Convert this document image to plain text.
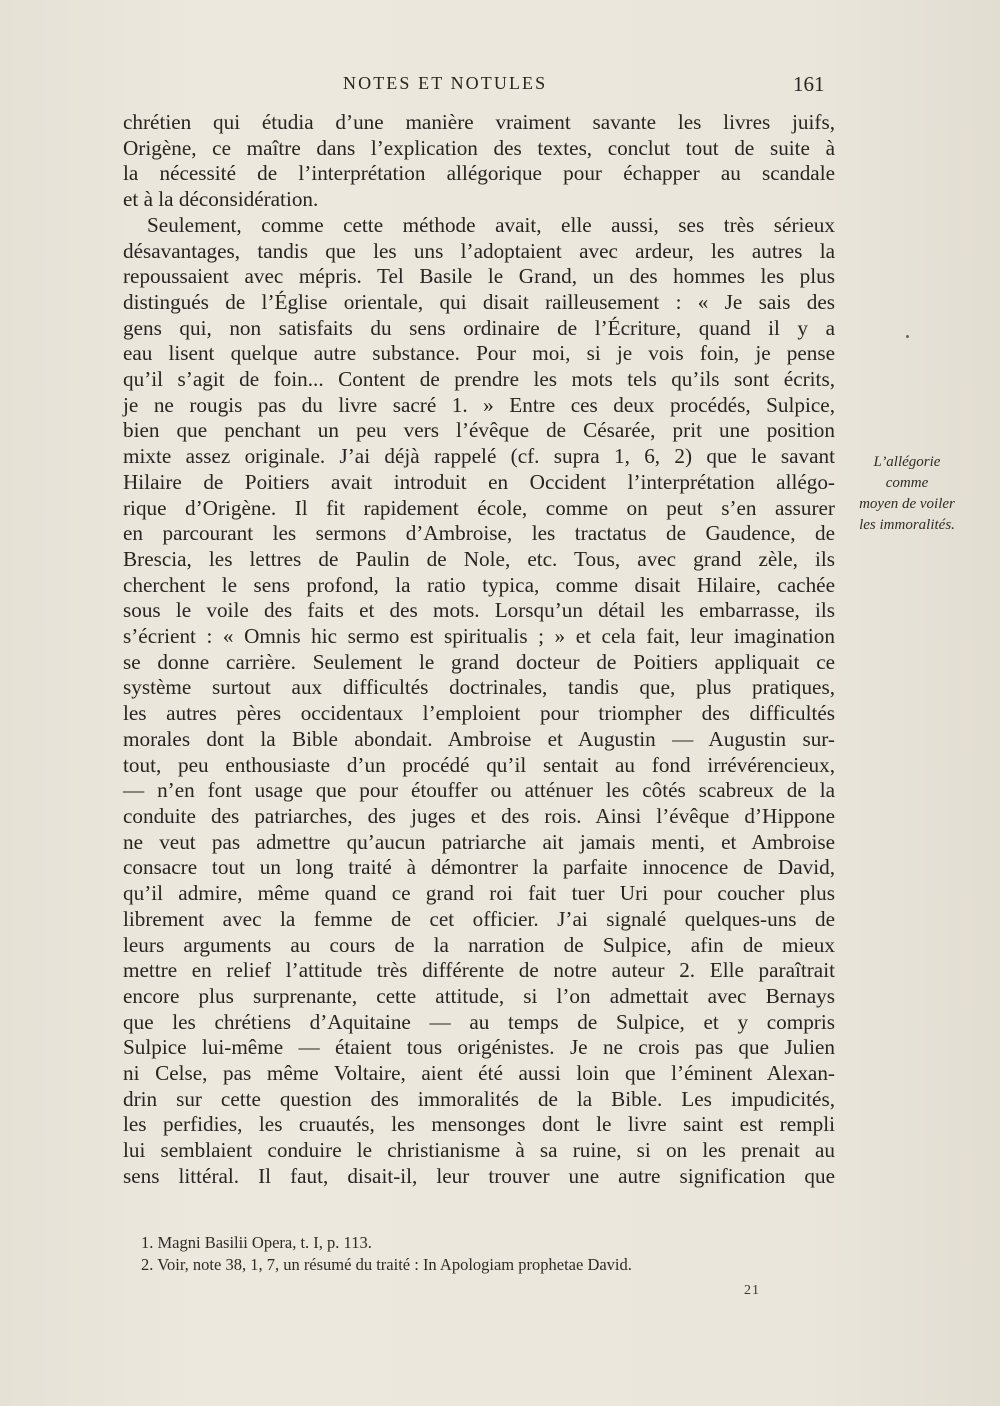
NOTES ET NOTULES	161
chrétien qui étudia d’une manière vraiment savante les livres juifs,
Origène, ce maître dans l’explication des textes, conclut tout de suite à
la nécessité de l’interprétation allégorique pour échapper au scandale
et à la déconsidération.
Seulement, comme cette méthode avait, elle aussi, ses très sérieux
désavantages, tandis que les uns l’adoptaient avec ardeur, les autres la
repoussaient avec mépris. Tel Basile le Grand, un des hommes les plus
distingués de l’Église orientale, qui disait railleusement : « Je sais des
gens qui, non satisfaits du sens ordinaire de l’Écriture, quand il y a
eau lisent quelque autre substance. Pour moi, si je vois foin, je pense
qu’il s’agit de foin... Content de prendre les mots tels qu’ils sont écrits,
je ne rougis pas du livre sacré 1. » Entre ces deux procédés, Sulpice,
bien que penchant un peu vers l’évêque de Césarée, prit une position
mixte assez originale. J’ai déjà rappelé (cf. supra 1, 6, 2) que le savant
Hilaire de Poitiers avait introduit en Occident l’interprétation allégo-
rique d’Origène. Il fit rapidement école, comme on peut s’en assurer
en parcourant les sermons d’Ambroise, les tractatus de Gaudence, de
Brescia, les lettres de Paulin de Nole, etc. Tous, avec grand zèle, ils
cherchent le sens profond, la ratio typica, comme disait Hilaire, cachée
sous le voile des faits et des mots. Lorsqu’un détail les embarrasse, ils
s’écrient : « Omnis hic sermo est spiritualis ; » et cela fait, leur imagination
se donne carrière. Seulement le grand docteur de Poitiers appliquait ce
système surtout aux difficultés doctrinales, tandis que, plus pratiques,
les autres pères occidentaux l’emploient pour triompher des difficultés
morales dont la Bible abondait. Ambroise et Augustin — Augustin sur-
tout, peu enthousiaste d’un procédé qu’il sentait au fond irrévérencieux,
— n’en font usage que pour étouffer ou atténuer les côtés scabreux de la
conduite des patriarches, des juges et des rois. Ainsi l’évêque d’Hippone
ne veut pas admettre qu’aucun patriarche ait jamais menti, et Ambroise
consacre tout un long traité à démontrer la parfaite innocence de David,
qu’il admire, même quand ce grand roi fait tuer Uri pour coucher plus
librement avec la femme de cet officier. J’ai signalé quelques-uns de
leurs arguments au cours de la narration de Sulpice, afin de mieux
mettre en relief l’attitude très différente de notre auteur 2. Elle paraîtrait
encore plus surprenante, cette attitude, si l’on admettait avec Bernays
que les chrétiens d’Aquitaine — au temps de Sulpice, et y compris
Sulpice lui-même — étaient tous origénistes. Je ne crois pas que Julien
ni Celse, pas même Voltaire, aient été aussi loin que l’éminent Alexan-
drin sur cette question des immoralités de la Bible. Les impudicités,
les perfidies, les cruautés, les mensonges dont le livre saint est rempli
lui semblaient conduire le christianisme à sa ruine, si on les prenait au
sens littéral. Il faut, disait-il, leur trouver une autre signification que
L’allégorie
comme
moyen de voiler
les immoralités.
1. Magni Basilii Opera, t. I, p. 113.
2. Voir, note 38, 1, 7, un résumé du traité : In Apologiam prophetae David.
21
